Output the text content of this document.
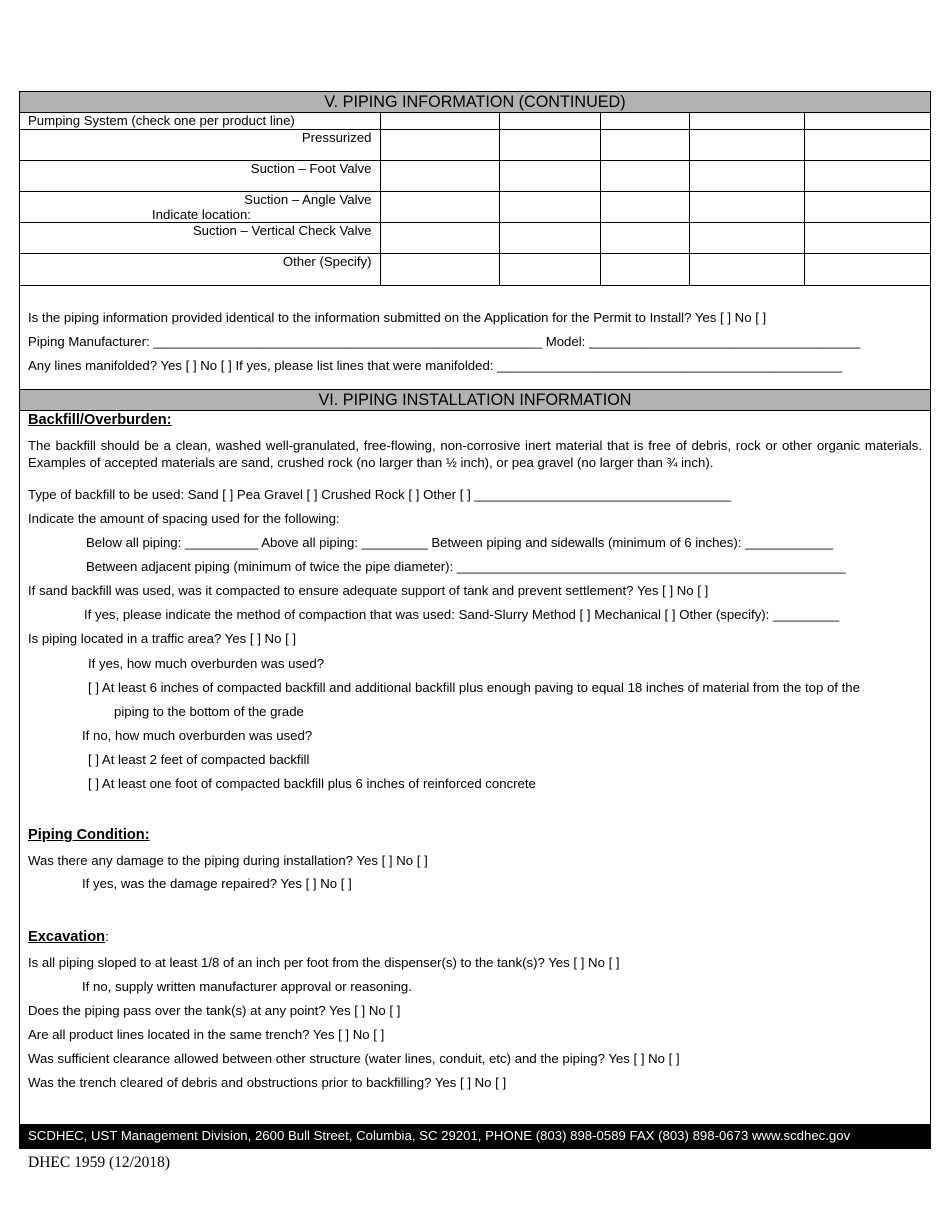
V. PIPING INFORMATION (CONTINUED)
Pumping System (check one per product line)					
Pressurized					
Suction – Foot Valve					

Suction – Angle Valve
Indicate location:					

Suction – Vertical Check Valve					
Other (Specify)					
Is the piping information provided identical to the information submitted on the Application for the Permit to Install? Yes [ ] No [ ]
Piping Manufacturer: _____________________________________________________ Model: _____________________________________
Any lines manifolded? Yes [ ] No [ ] If yes, please list lines that were manifolded: _______________________________________________
VI. PIPING INSTALLATION INFORMATION
Backfill/Overburden:
The backfill should be a clean, washed well-granulated, free-flowing, non-corrosive inert material that is free of debris, rock or other organic materials. Examples of accepted materials are sand, crushed rock (no larger than ½ inch), or pea gravel (no larger than ¾ inch).
Type of backfill to be used: Sand [ ] Pea Gravel [ ] Crushed Rock [ ] Other [ ] ___________________________________
Indicate the amount of spacing used for the following:
Below all piping: __________ Above all piping: _________ Between piping and sidewalls (minimum of 6 inches): ____________
Between adjacent piping (minimum of twice the pipe diameter): _____________________________________________________
If sand backfill was used, was it compacted to ensure adequate support of tank and prevent settlement? Yes [ ] No [ ]
If yes, please indicate the method of compaction that was used: Sand-Slurry Method [ ] Mechanical [ ] Other (specify): _________
Is piping located in a traffic area? Yes [ ] No [ ]
If yes, how much overburden was used?
[ ] At least 6 inches of compacted backfill and additional backfill plus enough paving to equal 18 inches of material from the top of the
piping to the bottom of the grade
If no, how much overburden was used?
[ ] At least 2 feet of compacted backfill
[ ] At least one foot of compacted backfill plus 6 inches of reinforced concrete
Piping Condition:
Was there any damage to the piping during installation? Yes [ ] No [ ]
If yes, was the damage repaired? Yes [ ] No [ ]
Excavation:
Is all piping sloped to at least 1/8 of an inch per foot from the dispenser(s) to the tank(s)? Yes [ ] No [ ]
If no, supply written manufacturer approval or reasoning.
Does the piping pass over the tank(s) at any point? Yes [ ] No [ ]
Are all product lines located in the same trench? Yes [ ] No [ ]
Was sufficient clearance allowed between other structure (water lines, conduit, etc) and the piping? Yes [ ] No [ ]
Was the trench cleared of debris and obstructions prior to backfilling? Yes [ ] No [ ]
SCDHEC, UST Management Division, 2600 Bull Street, Columbia, SC 29201, PHONE (803) 898-0589 FAX (803) 898-0673 www.scdhec.gov
DHEC 1959 (12/2018)
